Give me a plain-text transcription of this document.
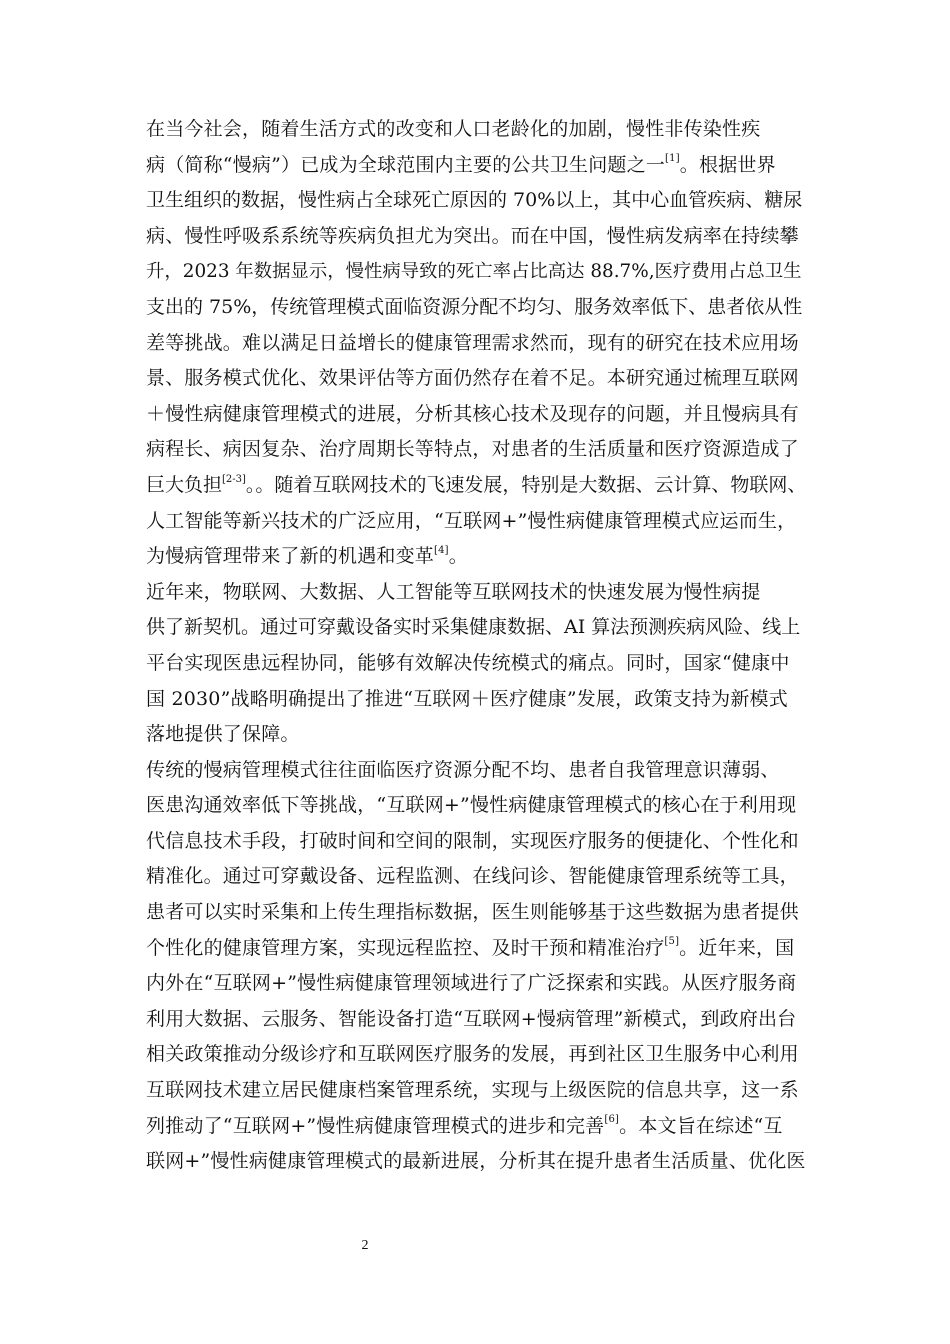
在当今社会，随着生活方式的改变和人口老龄化的加剧，慢性非传染性疾
病（简称“慢病”）已成为全球范围内主要的公共卫生问题之一[1]。根据世界
卫生组织的数据，慢性病占全球死亡原因的 70%以上，其中心血管疾病、糖尿
病、慢性呼吸系系统等疾病负担尤为突出。而在中国，慢性病发病率在持续攀
升，2023 年数据显示，慢性病导致的死亡率占比高达 88.7%,医疗费用占总卫生
支出的 75%，传统管理模式面临资源分配不均匀、服务效率低下、患者依从性
差等挑战。难以满足日益增长的健康管理需求然而，现有的研究在技术应用场
景、服务模式优化、效果评估等方面仍然存在着不足。本研究通过梳理互联网
＋慢性病健康管理模式的进展，分析其核心技术及现存的问题，并且慢病具有
病程长、病因复杂、治疗周期长等特点，对患者的生活质量和医疗资源造成了
巨大负担[2-3]。。随着互联网技术的飞速发展，特别是大数据、云计算、物联网、
人工智能等新兴技术的广泛应用，“互联网+”慢性病健康管理模式应运而生，
为慢病管理带来了新的机遇和变革[4]。
近年来，物联网、大数据、人工智能等互联网技术的快速发展为慢性病提
供了新契机。通过可穿戴设备实时采集健康数据、AI 算法预测疾病风险、线上
平台实现医患远程协同，能够有效解决传统模式的痛点。同时，国家“健康中
国 2030”战略明确提出了推进“互联网＋医疗健康”发展，政策支持为新模式
落地提供了保障。
传统的慢病管理模式往往面临医疗资源分配不均、患者自我管理意识薄弱、
医患沟通效率低下等挑战，“互联网+”慢性病健康管理模式的核心在于利用现
代信息技术手段，打破时间和空间的限制，实现医疗服务的便捷化、个性化和
精准化。通过可穿戴设备、远程监测、在线问诊、智能健康管理系统等工具，
患者可以实时采集和上传生理指标数据，医生则能够基于这些数据为患者提供
个性化的健康管理方案，实现远程监控、及时干预和精准治疗[5]。近年来，国
内外在“互联网+”慢性病健康管理领域进行了广泛探索和实践。从医疗服务商
利用大数据、云服务、智能设备打造“互联网+慢病管理”新模式，到政府出台
相关政策推动分级诊疗和互联网医疗服务的发展，再到社区卫生服务中心利用
互联网技术建立居民健康档案管理系统，实现与上级医院的信息共享，这一系
列推动了“互联网+”慢性病健康管理模式的进步和完善[6]。本文旨在综述“互
联网+”慢性病健康管理模式的最新进展，分析其在提升患者生活质量、优化医
2
